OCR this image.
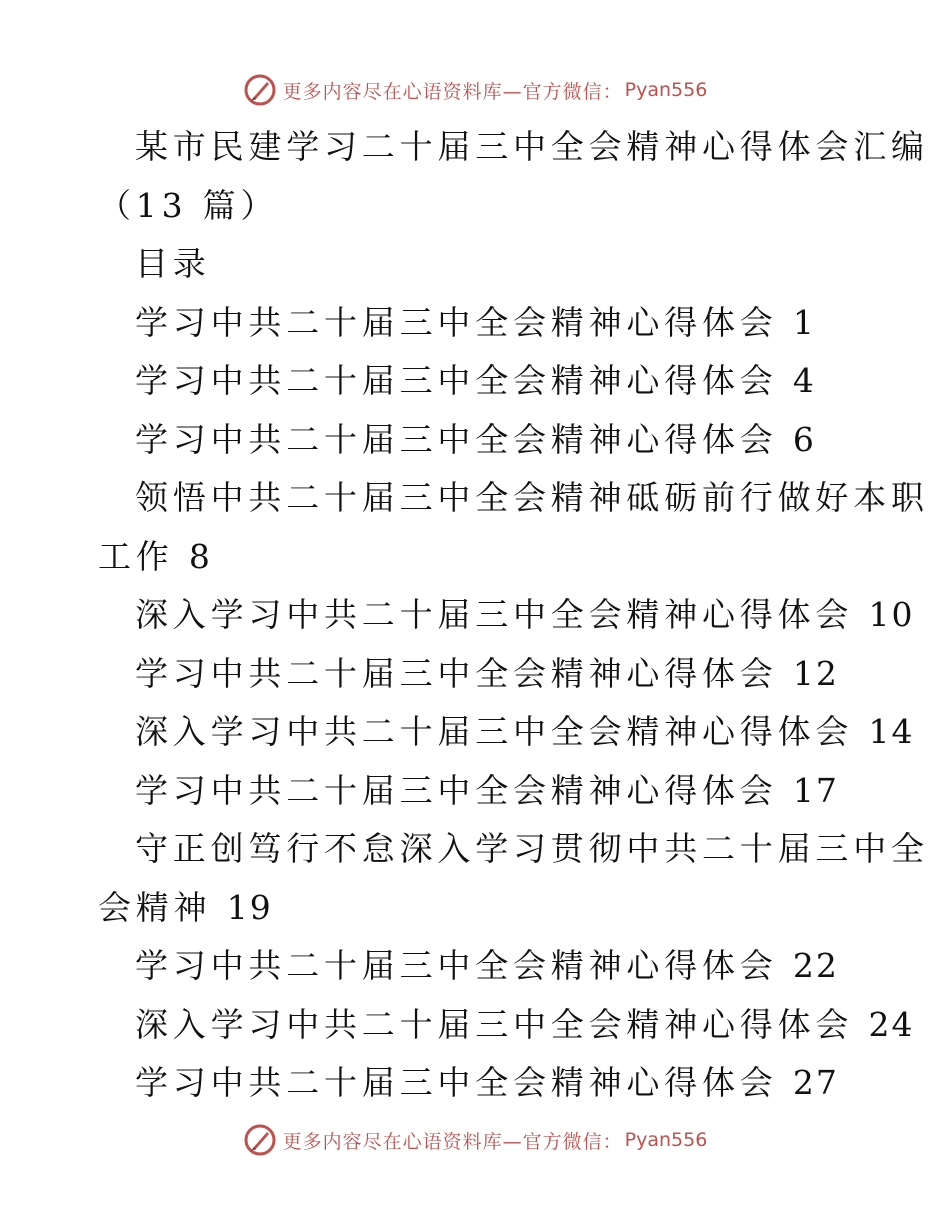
更多内容尽在心语资料库—官方微信： Pyan556
某市民建学习二十届三中全会精神心得体会汇编
（13 篇）
目录
学习中共二十届三中全会精神心得体会 1
学习中共二十届三中全会精神心得体会 4
学习中共二十届三中全会精神心得体会 6
领悟中共二十届三中全会精神砥砺前行做好本职
工作 8
深入学习中共二十届三中全会精神心得体会 10
学习中共二十届三中全会精神心得体会 12
深入学习中共二十届三中全会精神心得体会 14
学习中共二十届三中全会精神心得体会 17
守正创笃行不怠深入学习贯彻中共二十届三中全
会精神 19
学习中共二十届三中全会精神心得体会 22
深入学习中共二十届三中全会精神心得体会 24
学习中共二十届三中全会精神心得体会 27
更多内容尽在心语资料库—官方微信： Pyan556
